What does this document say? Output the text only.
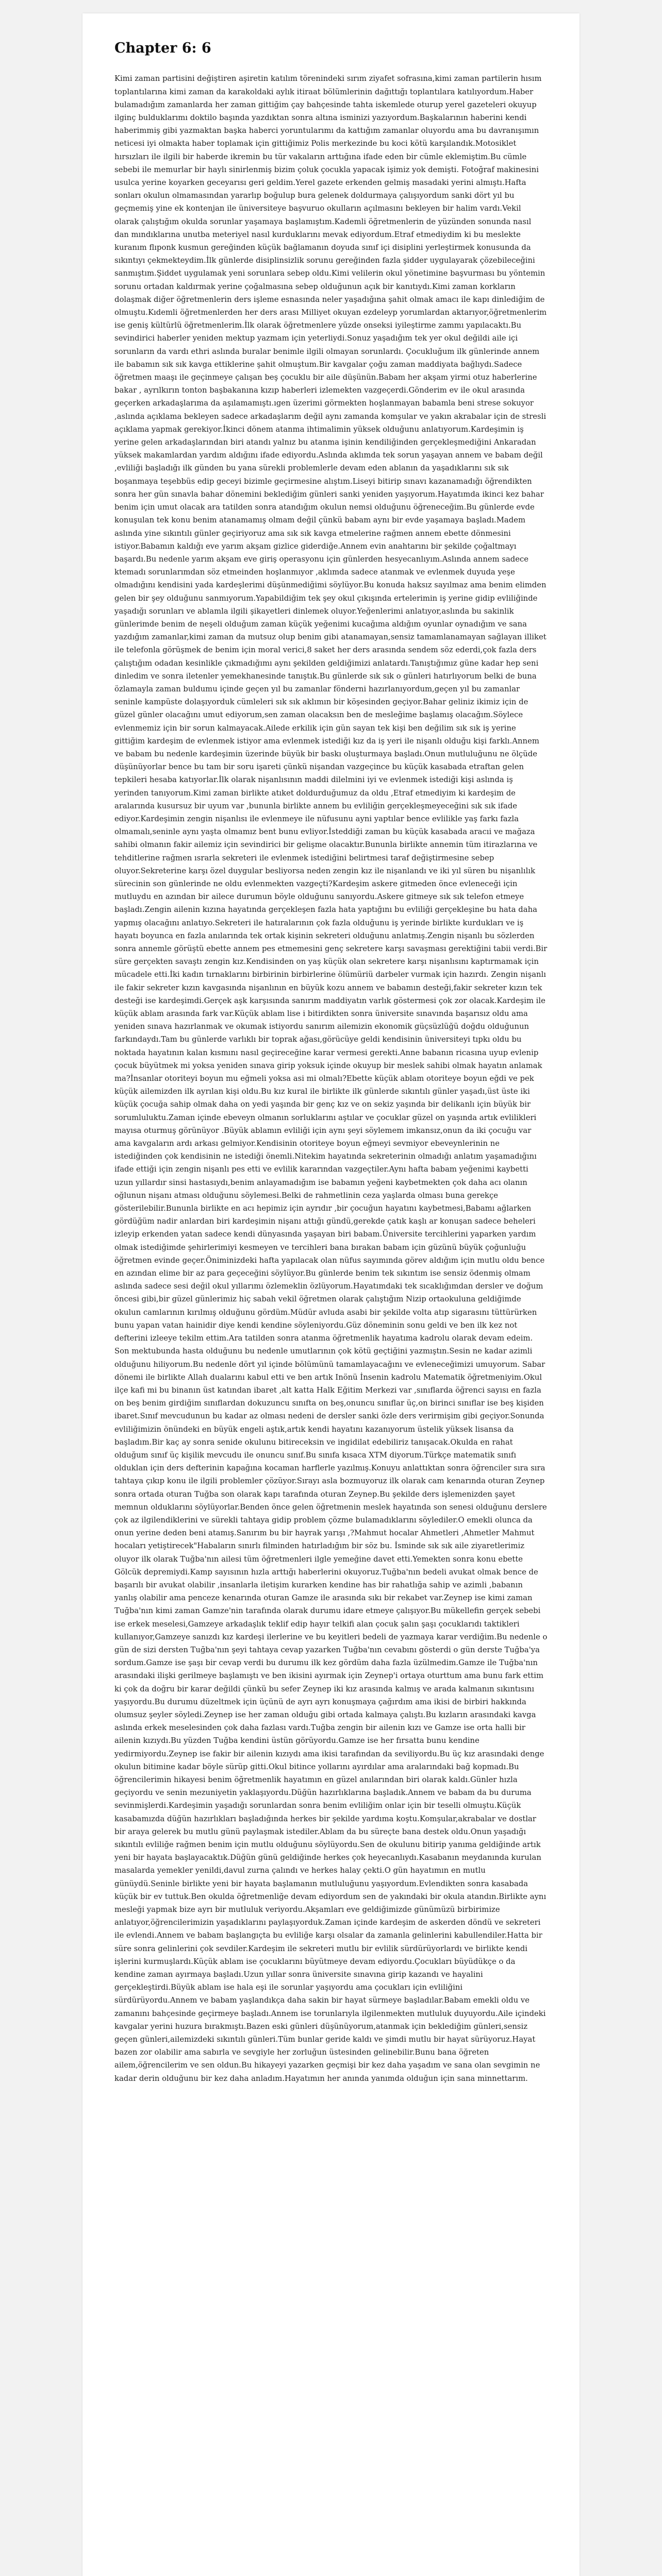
Chapter 6: 6

Kimi zaman partisini değiştiren aşiretin katılım törenindeki sırım ziyafet sofrasına,kimi zaman partilerin hısım toplantılarına kimi zaman da karakoldaki aylık itiraat bölümlerinin dağıttığı toplantılara katılıyordum.Haber bulamadığım zamanlarda her zaman gittiğim çay bahçesinde tahta iskemlede oturup yerel gazeteleri okuyup ilginç bulduklarımı doktilo başında yazdıktan sonra altına isminizi yazıyordum.Başkalarının haberini kendi haberimmiş gibi yazmaktan başka haberci yoruntularımı da kattığım zamanlar oluyordu ama bu davranışımın neticesi iyi olmakta haber toplamak için gittiğimiz Polis merkezinde bu koci kötü karşılandık.Motosiklet hırsızları ile ilgili bir haberde ikremin bu tür vakaların arttığına ifade eden bir cümle eklemiştim.Bu cümle sebebi ile memurlar bir haylı sinirlenmiş bizim çoluk çocukla yapacak işimiz yok demişti. Fotoğraf makinesini usulca yerine koyarken geceyarısı geri geldim.Yerel gazete erkenden gelmiş masadaki yerini almıştı.Hafta sonları okulun olmamasından yararlıp boğulup bura gelenek doldurmaya çalışıyordum sanki dört yıl bu geçmemiş yine ek kontenjan ile üniversiteye başvuruo okulların açılmasını bekleyen bir halim vardı.Vekil olarak çalıştığım okulda sorunlar yaşamaya başlamıştım.Kademli öğretmenlerin de yüzünden sonunda nasıl dan mındıklarına unutba meteriyel nasıl kurduklarını mevak ediyordum.Etraf etmediydim ki bu meslekte kuranım flıponk kusmun gereğinden küçük bağlamanın doyuda sınıf içi disiplini yerleştirmek konusunda da sıkıntıyı çekmekteydim.İlk günlerde disiplinsizlik sorunu gereğinden fazla şidder uygulayarak çözebileceğini sanmıştım.Şiddet uygulamak yeni sorunlara sebep oldu.Kimi velilerin okul yönetimine başvurması bu yöntemin sorunu ortadan kaldırmak yerine çoğalmasına sebep olduğunun açık bir kanıtıydı.Kimi zaman korkların dolaşmak diğer öğretmenlerin ders işleme esnasında neler yaşadığına şahit olmak amacı ile kapı dinlediğim de olmuştu.Kıdemli öğretmenlerden her ders arası Milliyet okuyan ezdeleyp yorumlardan aktarıyor,öğretmenlerim ise geniş kültürlü öğretmenlerim.İlk olarak öğretmenlere yüzde onseksi iyileştirme zammı yapılacaktı.Bu sevindirici haberler yeniden mektup yazmam için yeterliydi.Sonuz yaşadığım tek yer okul değildi aile içi sorunların da vardı ethri aslında buralar benimle ilgili olmayan sorunlardı. Çocukluğum ilk günlerinde annem ile babamın sık sık kavga ettiklerine şahit olmuştum.Bir kavgalar çoğu zaman maddiyata bağlıydı.Sadece öğretmen maaşı ile geçinmeye çalışan beş çocuklu bir aile düşünün.Babam her akşam yirmi otuz haberlerine bakar , ayrılkırın tonton başbakanına kızıp haberleri izlemekten vazgeçerdi.Gönderim ev ile okul arasında geçerken arkadaşlarıma da aşılamamıştı.ıgen üzerimi görmekten hoşlanmayan babamla beni strese sokuyor ,aslında açıklama bekleyen sadece arkadaşlarım değil aynı zamanda komşular ve yakın akrabalar için de stresli açıklama yapmak gerekiyor.İkinci dönem atanma ihtimalimin yüksek olduğunu anlatıyorum.Kardeşimin iş yerine gelen arkadaşlarından biri atandı yalnız bu atanma işinin kendiliğinden gerçekleşmediğini Ankaradan yüksek makamlardan yardım aldığını ifade ediyordu.Aslında aklımda tek sorun yaşayan annem ve babam değil ,evliliği başladığı ilk günden bu yana sürekli problemlerle devam eden ablanın da yaşadıklarını sık sık boşanmaya teşebbüs edip geceyi bizimle geçirmesine alıştım.Liseyi bitirip sınavı kazanamadığı öğrendikten sonra her gün sınavla bahar dönemini beklediğim günleri sanki yeniden yaşıyorum.Hayatımda ikinci kez bahar benim için umut olacak ara tatilden sonra atandığım okulun nemsi olduğunu öğreneceğim.Bu günlerde evde konuşulan tek konu benim atanamamış olmam değil çünkü babam aynı bir evde yaşamaya başladı.Madem aslında yine sıkıntılı günler geçiriyoruz ama sık sık kavga etmelerine rağmen annem ebette dönmesini istiyor.Babamın kaldığı eve yarım akşam gizlice giderdiğe.Annem evin anahtarını bir şekilde çoğaltmayı başardı.Bu nedenle yarım akşam eve giriş operasyonu için günlerden hesyecanlıyım.Aslında annem sadece ktemadı sorunlarımdan söz etmeinden hoşlanmıyor ,aklımda sadece atanmak ve evlenmek duyuda yeşe olmadığını kendisini yada kardeşlerimi düşünmediğimi söylüyor.Bu konuda haksız sayılmaz ama benim elimden gelen bir şey olduğunu sanmıyorum.Yapabildiğim tek şey okul çıkışında ertelerimin iş yerine gidip evliliğinde yaşadığı sorunları ve ablamla ilgili şikayetleri dinlemek oluyor.Yeğenlerimi anlatıyor,aslında bu sakinlik günlerimde benim de neşeli olduğum zaman küçük yeğenimi kucağıma aldığım oyunlar oynadığım ve sana yazdığım zamanlar,kimi zaman da mutsuz olup benim gibi atanamayan,sensiz tamamlanamayan sağlayan illiket ile telefonla görüşmek de benim için moral verici,8 saket her ders arasında sendem söz ederdi,çok fazla ders çalıştığım odadan kesinlikle çıkmadığımı aynı şekilden geldiğimizi anlatardı.Tanıştığımız güne kadar hep seni dinledim ve sonra iletenler yemekhanesinde tanıştık.Bu günlerde sık sık o günleri hatırlıyorum belki de buna özlamayla zaman buldumu içinde geçen yıl bu zamanlar fönderni hazırlanıyordum,geçen yıl bu zamanlar seninle kampüste dolaşıyorduk cümleleri sık sık aklımın bir köşesinden geçiyor.Bahar geliniz ikimiz için de güzel günler olacağını umut ediyorum,sen zaman olacaksın ben de mesleğime başlamış olacağım.Söylece evlenmemiz için bir sorun kalmayacak.Ailede erkilik için gün sayan tek kişi ben değilim sık sık iş yerine gittiğim kardeşim de evlenmek istiyor ama evlenmek istediği kız da iş yeri ile nişanlı olduğu kişi farklı.Annem ve babam bu nedenle kardeşimin üzerinde büyük bir baskı oluşturmaya başladı.Onun mutluluğunu ne ölçüde düşünüyorlar bence bu tam bir soru işareti çünkü nişandan vazgeçince bu küçük kasabada etraftan gelen tepkileri hesaba katıyorlar.İlk olarak nişanlısının maddi dilelmini iyi ve evlenmek istediği kişi aslında iş yerinden tanıyorum.Kimi zaman birlikte atıket doldurduğumuz da oldu ,Etraf etmediyim ki kardeşim de aralarında kusursuz bir uyum var ,bununla birlikte annem bu evliliğin gerçekleşmeyeceğini sık sık ifade ediyor.Kardeşimin zengin nişanlısı ile evlenmeye ile nüfusunu ayni yaptılar bence evlilikle yaş farkı fazla olmamalı,seninle aynı yaşta olmamız bent bunu evliyor.İsteddiği zaman bu küçük kasabada aracıi ve mağaza sahibi olmanın fakir ailemiz için sevindirici bir gelişme olacaktır.Bununla birlikte annemin tüm itirazlarına ve tehditlerine rağmen ısrarla sekreteri ile evlenmek istediğini belirtmesi taraf değiştirmesine sebep oluyor.Sekreterine karşı özel duygular besliyorsa neden zengin kız ile nişanlandı ve iki yıl süren bu nişanlılık sürecinin son günlerinde ne oldu evlenmekten vazgeçti?Kardeşim askere gitmeden önce evleneceği için mutluydu en azından bir ailece durumun böyle olduğunu sanıyordu.Askere gitmeye sık sık telefon etmeye başladı.Zengin ailenin kızına hayatında gerçekleşen fazla hata yaptığını bu evliliği gerçekleşine bu hata daha yapmış olacağını anlatıyo.Sekreteri ile hatıralarının çok fazla olduğunu iş yerinde birlikte kurdukları ve iş hayatı boyunca en fazla anılarında tek ortak kişinin sekreteri olduğunu anlatmış.Zengin nişanlı bu sözlerden sonra annemle görüştü ebette annem pes etmemesini genç sekretere karşı savaşması gerektiğini tabii verdi.Bir süre gerçekten savaştı zengin kız.Kendisinden on yaş küçük olan sekretere karşı nişanlısını kaptırmamak için mücadele etti.İki kadın tırnaklarını birbirinin birbirlerine ölümüriü darbeler vurmak için hazırdı. Zengin nişanlı ile fakir sekreter kızın kavgasında nişanlının en büyük kozu annem ve babamın desteği,fakir sekreter kızın tek desteği ise kardeşimdi.Gerçek aşk karşısında sanırım maddiyatın varlık göstermesi çok zor olacak.Kardeşim ile küçük ablam arasında fark var.Küçük ablam lise i bitirdikten sonra üniversite sınavında başarısız oldu ama yeniden sınava hazırlanmak ve okumak istiyordu sanırım ailemizin ekonomik güçsüzlüğü doğdu olduğunun farkındaydı.Tam bu günlerde varlıklı bir toprak ağası,görücüye geldi kendisinin üniversiteyi tıpkı oldu bu noktada hayatının kalan kısmını nasıl geçireceğine karar vermesi gerekti.Anne babanın ricasına uyup evlenip çocuk büyütmek mi yoksa yeniden sınava girip yoksuk içinde okuyup bir meslek sahibi olmak hayatın anlamak ma?İnsanlar otoriteyi boyun mu eğmeli yoksa asi mi olmalı?Ebette küçük ablam otoriteye boyun eğdi ve pek küçük ailemizden ilk ayrılan kişi oldu.Bu kız kural ile birlikte ilk günlerde sıkıntılı günler yaşadı,üst üste iki küçük çocuğa sahip olmak daha on yedi yaşında bir genç kız ve on sekiz yaşında bir delikanlı için büyük bir sorumluluktu.Zaman içinde ebeveyn olmanın sorluklarını aştılar ve çocuklar güzel on yaşında artık evlilikleri mayısa oturmuş görünüyor .Büyük ablamın evliliği için aynı şeyi söylemem imkansız,onun da iki çocuğu var ama kavgaların ardı arkası gelmiyor.Kendisinin otoriteye boyun eğmeyi sevmiyor ebeveynlerinin ne istediğinden çok kendisinin ne istediği önemli.Nitekim hayatında sekreterinin olmadığı anlatım yaşamadığını ifade ettiği için zengin nişanlı pes etti ve evlilik kararından vazgeçtiler.Aynı hafta babam yeğenimi kaybetti uzun yıllardır sinsi hastasıydı,benim anlayamadığım ise babamın yeğeni kaybetmekten çok daha acı olanın oğlunun nişanı atması olduğunu söylemesi.Belki de rahmetlinin ceza yaşlarda olması buna gerekçe gösterilebilir.Bununla birlikte en acı hepimiz için ayrıdır ,bir çocuğun hayatını kaybetmesi,Babamı ağlarken gördüğüm nadir anlardan biri kardeşimin nişanı attığı gündü,gerekde çatık kaşlı ar konuşan sadece beheleri izleyip erkenden yatan sadece kendi dünyasında yaşayan biri babam.Üniversite tercihlerini yaparken yardım olmak istediğimde şehirlerimiyi kesmeyen ve tercihleri bana bırakan babam için güzünü büyük çoğunluğu öğretmen evinde geçer.Öniminizdeki hafta yapılacak olan nüfus sayımında görev aldığım için mutlu oldu bence en azından elime bir az para geçeceğini söylüyor.Bu günlerde benim tek sıkıntım ise sensiz ödenmiş olmam aslında sadece sesi değil okul yıllarımı özlemeklin özlüyorum.Hayatımdaki tek sıcaklığımdan dersler ve doğum öncesi gibi,bir güzel günlerimiz hiç sabah vekil öğretmen olarak çalıştığım Nizip ortaokuluna geldiğimde okulun camlarının kırılmış olduğunu gördüm.Müdür avluda asabi bir şekilde volta atıp sigarasını tüttürürken bunu yapan vatan hainidir diye kendi kendine söyleniyordu.Güz döneminin sonu geldi ve ben ilk kez not defterini izleeye tekilm ettim.Ara tatilden sonra atanma öğretmenlik hayatıma kadrolu olarak devam edeim. Son mektubunda hasta olduğunu bu nedenle umutlarının çok kötü geçtiğini yazmıştın.Sesin ne kadar azimli olduğunu hiliyorum.Bu nedenle dört yıl içinde bölümünü tamamlayacağını ve evleneceğimizi umuyorum. Sabar dönemi ile birlikte Allah dualarını kabul etti ve ben artık Inönü İnsenin kadrolu Matematik öğretmeniyim.Okul ilçe kafi mi bu binanın üst katından ibaret ,alt katta Halk Eğitim Merkezi var ,sınıflarda öğrenci sayısı en fazla on beş benim girdiğim sınıflardan dokuzuncu sınıfta on beş,onuncu sınıflar üç,on birinci sınıflar ise beş kişiden ibaret.Sınıf mevcudunun bu kadar az olması nedeni de dersler sanki özle ders verirmişim gibi geçiyor.Sonunda evliliğimizin önündeki en büyük engeli aştık,artık kendi hayatını kazanıyorum üstelik yüksek lisansa da başladım.Bir kaç ay sonra senide okulunu bitireceksin ve ingidilat edebiliriz tanışacak.Okulda en rahat olduğum sınıf üç kişilik mevcudu ile onuncu sınıf.Bu sınıfa kısaca XTM diyorum.Türkçe matematik sınıfı olduklan için ders defterinin kapağına kocaman harflerle yazılmış.Konuyu anlattıktan sonra öğrenciler sıra sıra tahtaya çıkıp konu ile ilgili problemler çözüyor.Sırayı asla bozmuyoruz ilk olarak cam kenarında oturan Zeynep sonra ortada oturan Tuğba son olarak kapı tarafında oturan Zeynep.Bu şekilde ders işlemenizden şayet memnun olduklarını söylüyorlar.Benden önce gelen öğretmenin meslek hayatında son senesi olduğunu derslere çok az ilgilendiklerini ve sürekli tahtaya gidip problem çözme bulamadıklarını söylediler.O emekli olunca da onun yerine deden beni atamış.Sanırım bu bir hayrak yarışı ,?Mahmut hocalar Ahmetleri ,Ahmetler Mahmut hocaları yetiştirecek"Habaların sınırlı filminden hatırladığım bir söz bu. İsminde sık sık aile ziyaretlerimiz oluyor ilk olarak Tuğba'nın ailesi tüm öğretmenleri ilgle yemeğine davet etti.Yemekten sonra konu ebette Gölcük depremiydi.Kamp sayısının hızla arttığı haberlerini okuyoruz.Tuğba'nın bedeli avukat olmak bence de başarılı bir avukat olabilir ,insanlarla iletişim kurarken kendine has bir rahatlığa sahip ve azimli ,babanın yanlış olabilir ama penceze kenarında oturan Gamze ile arasında sıkı bir rekabet var.Zeynep ise kimi zaman Tuğba'nın kimi zaman Gamze'nin tarafında olarak durumu idare etmeye çalışıyor.Bu mükellefin gerçek sebebi ise erkek meselesi,Gamzeye arkadaşlık teklif edip hayır telkifi alan çocuk şalın şaşı çocuklarıdı taktikleri kullanıyor,Gamzeye sanızdı kız kardeşi ilerlerine ve bu keyitleri bedeli de yazmaya karar verdiğim.Bu nedenle o gün de sizi dersten Tuğba'nın şeyi tahtaya cevap yazarken Tuğba'nın cevabını gösterdi o gün derste Tuğba'ya sordum.Gamze ise şaşı bir cevap verdi bu durumu ilk kez gördüm daha fazla üzülmedim.Gamze ile Tuğba'nın arasındaki ilişki gerilmeye başlamıştı ve ben ikisini ayırmak için Zeynep'i ortaya oturttum ama bunu fark ettim ki çok da doğru bir karar değildi çünkü bu sefer Zeynep iki kız arasında kalmış ve arada kalmanın sıkıntısını yaşıyordu.Bu durumu düzeltmek için üçünü de ayrı ayrı konuşmaya çağırdım ama ikisi de birbiri hakkında olumsuz şeyler söyledi.Zeynep ise her zaman olduğu gibi ortada kalmaya çalıştı.Bu kızların arasındaki kavga aslında erkek meselesinden çok daha fazlası vardı.Tuğba zengin bir ailenin kızı ve Gamze ise orta halli bir ailenin kızıydı.Bu yüzden Tuğba kendini üstün görüyordu.Gamze ise her fırsatta bunu kendine yedirmiyordu.Zeynep ise fakir bir ailenin kızıydı ama ikisi tarafından da seviliyordu.Bu üç kız arasındaki denge okulun bitimine kadar böyle sürüp gitti.Okul bitince yollarını ayırdılar ama aralarındaki bağ kopmadı.Bu öğrencilerimin hikayesi benim öğretmenlik hayatımın en güzel anılarından biri olarak kaldı.Günler hızla geçiyordu ve senin mezuniyetin yaklaşıyordu.Düğün hazırlıklarına başladık.Annem ve babam da bu duruma sevinmişlerdi.Kardeşimin yaşadığı sorunlardan sonra benim evliliğim onlar için bir teselli olmuştu.Küçük kasabamızda düğün hazırlıkları başladığında herkes bir şekilde yardıma koştu.Komşular,akrabalar ve dostlar bir araya gelerek bu mutlu günü paylaşmak istediler.Ablam da bu süreçte bana destek oldu.Onun yaşadığı sıkıntılı evliliğe rağmen benim için mutlu olduğunu söylüyordu.Sen de okulunu bitirip yanıma geldiğinde artık yeni bir hayata başlayacaktık.Düğün günü geldiğinde herkes çok heyecanlıydı.Kasabanın meydanında kurulan masalarda yemekler yenildi,davul zurna çalındı ve herkes halay çekti.O gün hayatımın en mutlu günüydü.Seninle birlikte yeni bir hayata başlamanın mutluluğunu yaşıyordum.Evlendikten sonra kasabada küçük bir ev tuttuk.Ben okulda öğretmenliğe devam ediyordum sen de yakındaki bir okula atandın.Birlikte aynı mesleği yapmak bize ayrı bir mutluluk veriyordu.Akşamları eve geldiğimizde günümüzü birbirimize anlatıyor,öğrencilerimizin yaşadıklarını paylaşıyorduk.Zaman içinde kardeşim de askerden döndü ve sekreteri ile evlendi.Annem ve babam başlangıçta bu evliliğe karşı olsalar da zamanla gelinlerini kabullendiler.Hatta bir süre sonra gelinlerini çok sevdiler.Kardeşim ile sekreteri mutlu bir evlilik sürdürüyorlardı ve birlikte kendi işlerini kurmuşlardı.Küçük ablam ise çocuklarını büyütmeye devam ediyordu.Çocukları büyüdükçe o da kendine zaman ayırmaya başladı.Uzun yıllar sonra üniversite sınavına girip kazandı ve hayalini gerçekleştirdi.Büyük ablam ise hala eşi ile sorunlar yaşıyordu ama çocukları için evliliğini sürdürüyordu.Annem ve babam yaşlandıkça daha sakin bir hayat sürmeye başladılar.Babam emekli oldu ve zamanını bahçesinde geçirmeye başladı.Annem ise torunlarıyla ilgilenmekten mutluluk duyuyordu.Aile içindeki kavgalar yerini huzura bırakmıştı.Bazen eski günleri düşünüyorum,atanmak için beklediğim günleri,sensiz geçen günleri,ailemizdeki sıkıntılı günleri.Tüm bunlar geride kaldı ve şimdi mutlu bir hayat sürüyoruz.Hayat bazen zor olabilir ama sabırla ve sevgiyle her zorluğun üstesinden gelinebilir.Bunu bana öğreten ailem,öğrencilerim ve sen oldun.Bu hikayeyi yazarken geçmişi bir kez daha yaşadım ve sana olan sevgimin ne kadar derin olduğunu bir kez daha anladım.Hayatımın her anında yanımda olduğun için sana minnettarım.
